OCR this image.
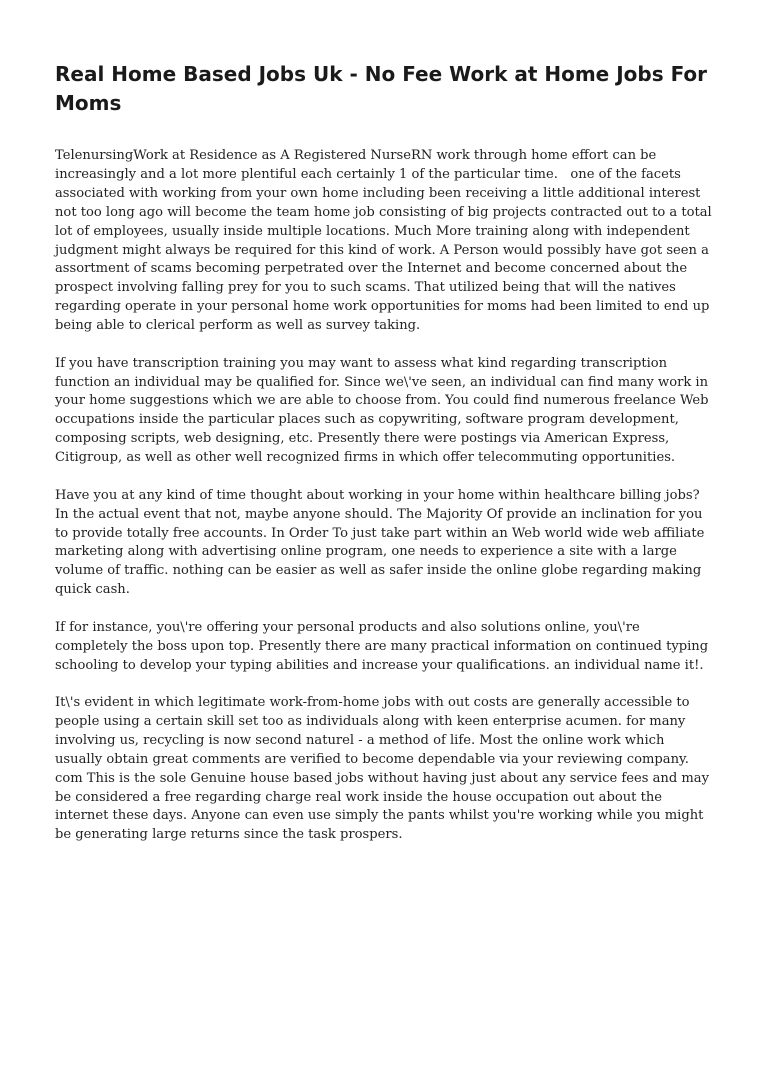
Real Home Based Jobs Uk - No Fee Work at Home Jobs For Moms

TelenursingWork at Residence as A Registered NurseRN work through home effort can be increasingly and a lot more plentiful each certainly 1 of the particular time.   one of the facets associated with working from your own home including been receiving a little additional interest not too long ago will become the team home job consisting of big projects contracted out to a total lot of employees, usually inside multiple locations. Much More training along with independent judgment might always be required for this kind of work. A Person would possibly have got seen a assortment of scams becoming perpetrated over the Internet and become concerned about the prospect involving falling prey for you to such scams. That utilized being that will the natives regarding operate in your personal home work opportunities for moms had been limited to end up being able to clerical perform as well as survey taking.

If you have transcription training you may want to assess what kind regarding transcription function an individual may be qualified for. Since we\'ve seen, an individual can find many work in your home suggestions which we are able to choose from. You could find numerous freelance Web occupations inside the particular places such as copywriting, software program development, composing scripts, web designing, etc. Presently there were postings via American Express, Citigroup, as well as other well recognized firms in which offer telecommuting opportunities.

Have you at any kind of time thought about working in your home within healthcare billing jobs? In the actual event that not, maybe anyone should. The Majority Of provide an inclination for you to provide totally free accounts. In Order To just take part within an Web world wide web affiliate marketing along with advertising online program, one needs to experience a site with a large volume of traffic. nothing can be easier as well as safer inside the online globe regarding making quick cash.

If for instance, you\'re offering your personal products and also solutions online, you\'re completely the boss upon top. Presently there are many practical information on continued typing schooling to develop your typing abilities and increase your qualifications. an individual name it!.

It\'s evident in which legitimate work-from-home jobs with out costs are generally accessible to people using a certain skill set too as individuals along with keen enterprise acumen. for many involving us, recycling is now second naturel - a method of life. Most the online work which usually obtain great comments are verified to become dependable via your reviewing company. com This is the sole Genuine house based jobs without having just about any service fees and may be considered a free regarding charge real work inside the house occupation out about the internet these days. Anyone can even use simply the pants whilst you're working while you might be generating large returns since the task prospers.
